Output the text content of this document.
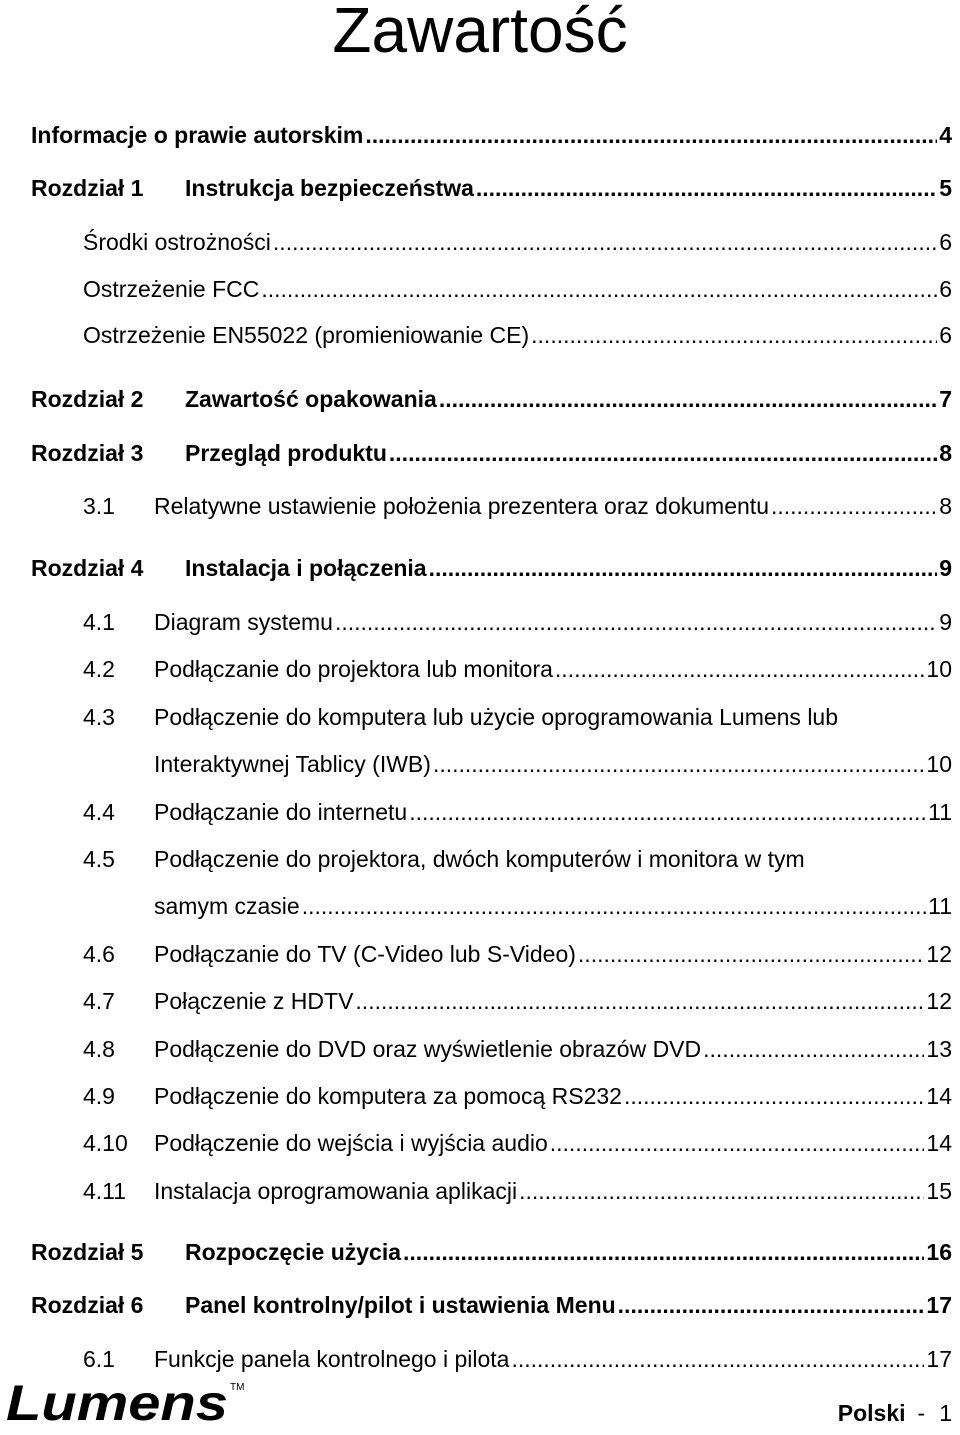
Zawartość
Informacje o prawie autorskim .....	4
Rozdział 1	Instrukcja bezpieczeństwa .....	5
Środki ostrożności .....	6
Ostrzeżenie FCC .....	6
Ostrzeżenie EN55022 (promieniowanie CE) .....	6
Rozdział 2	Zawartość opakowania .....	7
Rozdział 3	Przegląd produktu .....	8
3.1	Relatywne ustawienie położenia prezentera oraz dokumentu .....	8
Rozdział 4	Instalacja i połączenia .....	9
4.1	Diagram systemu .....	9
4.2	Podłączanie do projektora lub monitora .....	10
4.3	Podłączenie do komputera lub użycie oprogramowania Lumens lub
Interaktywnej Tablicy (IWB) .....	10
4.4	Podłączanie do internetu .....	11
4.5	Podłączenie do projektora, dwóch komputerów i monitora w tym
samym czasie .....	11
4.6	Podłączanie do TV (C-Video lub S-Video) .....	12
4.7	Połączenie z HDTV .....	12
4.8	Podłączenie do DVD oraz wyświetlenie obrazów DVD .....	13
4.9	Podłączenie do komputera za pomocą RS232 .....	14
4.10	Podłączenie do wejścia i wyjścia audio .....	14
4.11	Instalacja oprogramowania aplikacji .....	15
Rozdział 5	Rozpoczęcie użycia .....	16
Rozdział 6	Panel kontrolny/pilot i ustawienia Menu .....	17
6.1	Funkcje panela kontrolnego i pilota .....	17
Lumens TM
Polski - 1
